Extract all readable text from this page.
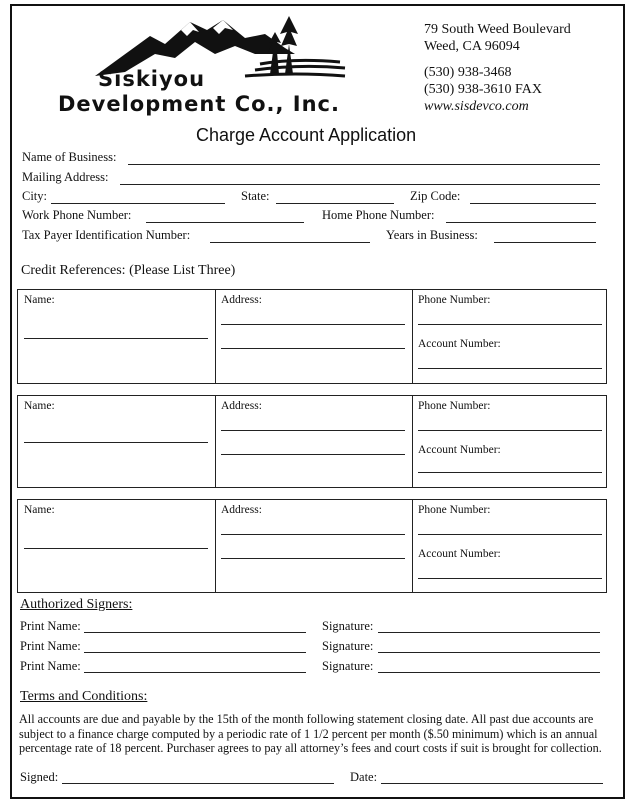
Siskiyou
Development Co., Inc.
79 South Weed Boulevard
Weed, CA 96094
(530) 938-3468
(530) 938-3610 FAX
www.sisdevco.com
Charge Account Application
Name of Business:
Mailing Address:
City:	State:	Zip Code:
Work Phone Number:	Home Phone Number:
Tax Payer Identification Number:	Years in Business:
Credit References: (Please List Three)
Name:	Address:	Phone Number:
Account Number:
Name:	Address:	Phone Number:
Account Number:
Name:	Address:	Phone Number:
Account Number:
Authorized Signers:
Print Name:	Signature:
Print Name:	Signature:
Print Name:	Signature:
Terms and Conditions:
All accounts are due and payable by the 15th of the month following statement closing date. All past due accounts are subject to a finance charge computed by a periodic rate of 1 1/2 percent per month ($.50 minimum) which is an annual percentage rate of 18 percent. Purchaser agrees to pay all attorney’s fees and court costs if suit is brought for collection.
Signed:	Date:
